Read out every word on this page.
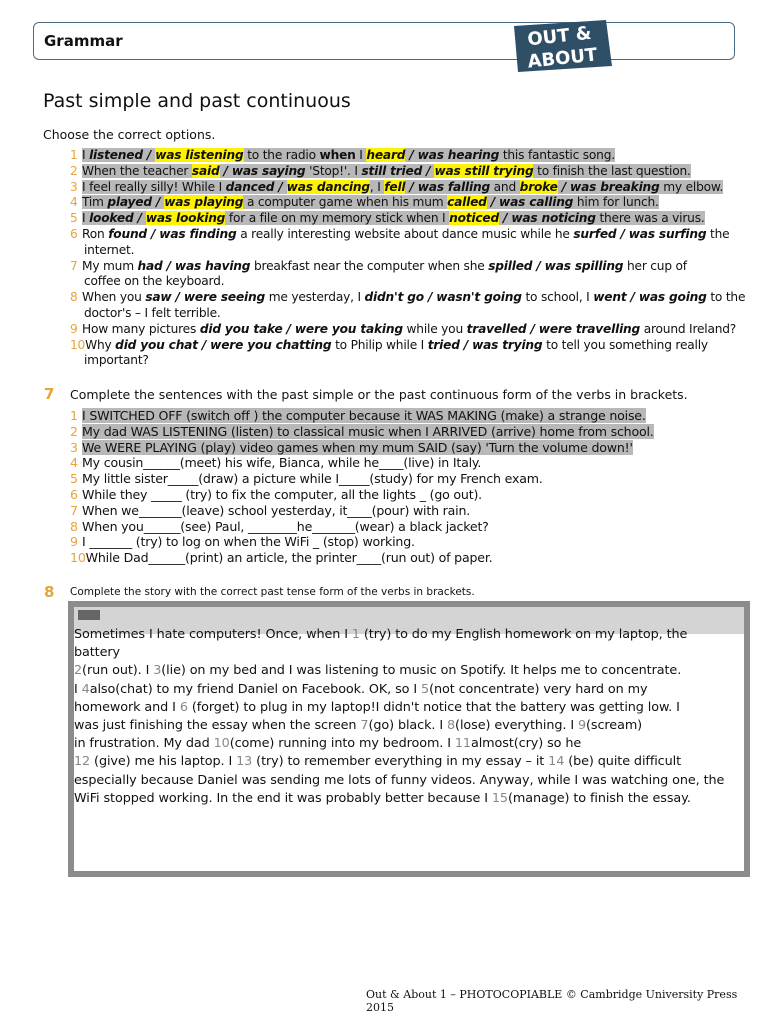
Grammar	OUT &
ABOUT
Past simple and past continuous
Choose the correct options.
1 I listened / was listening to the radio when I heard / was hearing this fantastic song.
2 When the teacher said / was saying 'Stop!'. I still tried / was still trying to finish the last question.
3 I feel really silly! While I danced / was dancing, I fell / was falling and broke / was breaking my elbow.
4 Tim played / was playing a computer game when his mum called / was calling him for lunch.
5 I looked / was looking for a file on my memory stick when I noticed / was noticing there was a virus.
6 Ron found / was finding a really interesting website about dance music while he surfed / was surfing the
internet.
7 My mum had / was having breakfast near the computer when she spilled / was spilling her cup of
coffee on the keyboard.
8 When you saw / were seeing me yesterday, I didn't go / wasn't going to school, I went / was going to the
doctor's – I felt terrible.
9 How many pictures did you take / were you taking while you travelled / were travelling around Ireland?
10Why did you chat / were you chatting to Philip while I tried / was trying to tell you something really
important?
7 Complete the sentences with the past simple or the past continuous form of the verbs in brackets.
1 I SWITCHED OFF (switch off ) the computer because it WAS MAKING (make) a strange noise.
2 My dad WAS LISTENING (listen) to classical music when I ARRIVED (arrive) home from school.
3 We WERE PLAYING (play) video games when my mum SAID (say) 'Turn the volume down!'
4 My cousin______(meet) his wife, Bianca, while he____(live) in Italy.
5 My little sister_____(draw) a picture while I_____(study) for my French exam.
6 While they _____ (try) to fix the computer, all the lights _ (go out).
7 When we_______(leave) school yesterday, it____(pour) with rain.
8 When you______(see) Paul, ________he_______(wear) a black jacket?
9 I _______ (try) to log on when the WiFi _ (stop) working.
10While Dad______(print) an article, the printer____(run out) of paper.
8 Complete the story with the correct past tense form of the verbs in brackets.
Sometimes I hate computers! Once, when I 1 (try) to do my English homework on my laptop, the
battery
2(run out). I 3(lie) on my bed and I was listening to music on Spotify. It helps me to concentrate.
I 4also(chat) to my friend Daniel on Facebook. OK, so I 5(not concentrate) very hard on my
homework and I 6 (forget) to plug in my laptop!I didn't notice that the battery was getting low. I
was just finishing the essay when the screen 7(go) black. I 8(lose) everything. I 9(scream)
in frustration. My dad 10(come) running into my bedroom. I 11almost(cry) so he
12 (give) me his laptop. I 13 (try) to remember everything in my essay – it 14 (be) quite difficult
especially because Daniel was sending me lots of funny videos. Anyway, while I was watching one, the
WiFi stopped working. In the end it was probably better because I 15(manage) to finish the essay.
Out & About 1 – PHOTOCOPIABLE © Cambridge University Press 2015
